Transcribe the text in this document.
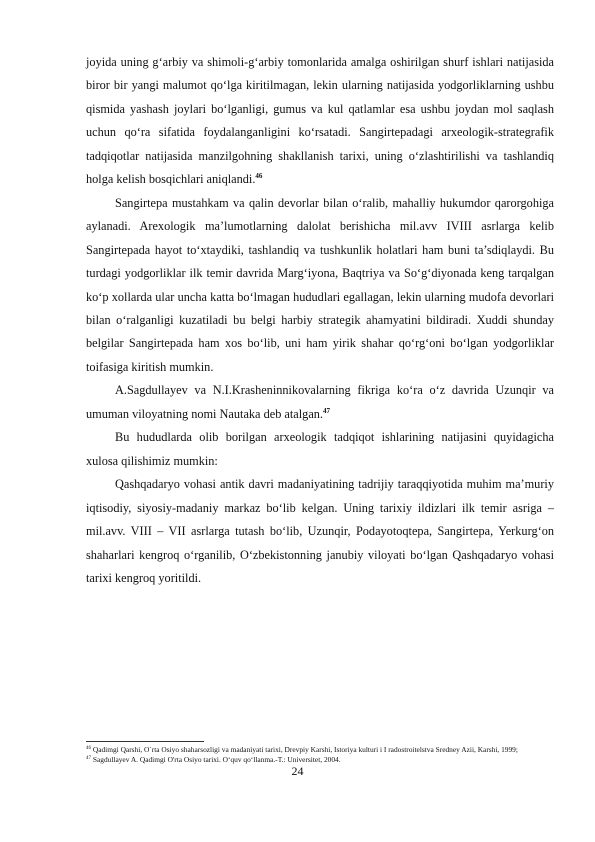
joyida uning g‘arbiy va shimoli-g‘arbiy tomonlarida amalga oshirilgan shurf ishlari natijasida biror bir yangi malumot qo‘lga kiritilmagan, lekin ularning natijasida yodgorliklarning ushbu qismida yashash joylari bo‘lganligi, gumus va kul qatlamlar esa ushbu joydan mol saqlash uchun qo‘ra sifatida foydalanganligini ko‘rsatadi. Sangirtepadagi arxeologik-strategrafik tadqiqotlar natijasida manzilgohning shakllanish tarixi, uning o‘zlashtirilishi va tashlandiq holga kelish bosqichlari aniqlandi.$^{46}$

Sangirtepa mustahkam va qalin devorlar bilan o‘ralib, mahalliy hukumdor qarorgohiga aylanadi. Arexologik ma’lumotlarning dalolat berishicha mil.avv IVIII asrlarga kelib Sangirtepada hayot to‘xtaydiki, tashlandiq va tushkunlik holatlari ham buni ta’sdiqlaydi. Bu turdagi yodgorliklar ilk temir davrida Marg‘iyona, Baqtriya va So‘g‘diyonada keng tarqalgan ko‘p xollarda ular uncha katta bo‘lmagan hududlari egallagan, lekin ularning mudofa devorlari bilan o‘ralganligi kuzatiladi bu belgi harbiy strategik ahamyatini bildiradi. Xuddi shunday belgilar Sangirtepada ham xos bo‘lib, uni ham yirik shahar qo‘rg‘oni bo‘lgan yodgorliklar toifasiga kiritish mumkin.

A.Sagdullayev va N.I.Krasheninnikovalarning fikriga ko‘ra o‘z davrida Uzunqir va umuman viloyatning nomi Nautaka deb atalgan.$^{47}$

Bu hududlarda olib borilgan arxeologik tadqiqot ishlarining natijasini quyidagicha xulosa qilishimiz mumkin:

Qashqadaryo vohasi antik davri madaniyatining tadrijiy taraqqiyotida muhim ma’muriy iqtisodiy, siyosiy-madaniy markaz bo‘lib kelgan. Uning tarixiy ildizlari ilk temir asriga – mil.avv. VIII – VII asrlarga tutash bo‘lib, Uzunqir, Podayotoqtepa, Sangirtepa, Yerkurg‘on shaharlari kengroq o‘rganilib, O‘zbekistonning janubiy viloyati bo‘lgan Qashqadaryo vohasi tarixi kengroq yoritildi.

$^{46}$ Qadimgi Qarshi, O`rta Osiyo shaharsozligi va madaniyati tarixi, Drevpiy Karshi, Istoriya kulturi i I radostroitelstva Sredney Azii, Karshi, 1999;

$^{47}$ Sagdullayev A. Qadimgi O'rta Osiyo tarixi. O‘quv qo‘llanma.-T.: Universitet, 2004.

24
